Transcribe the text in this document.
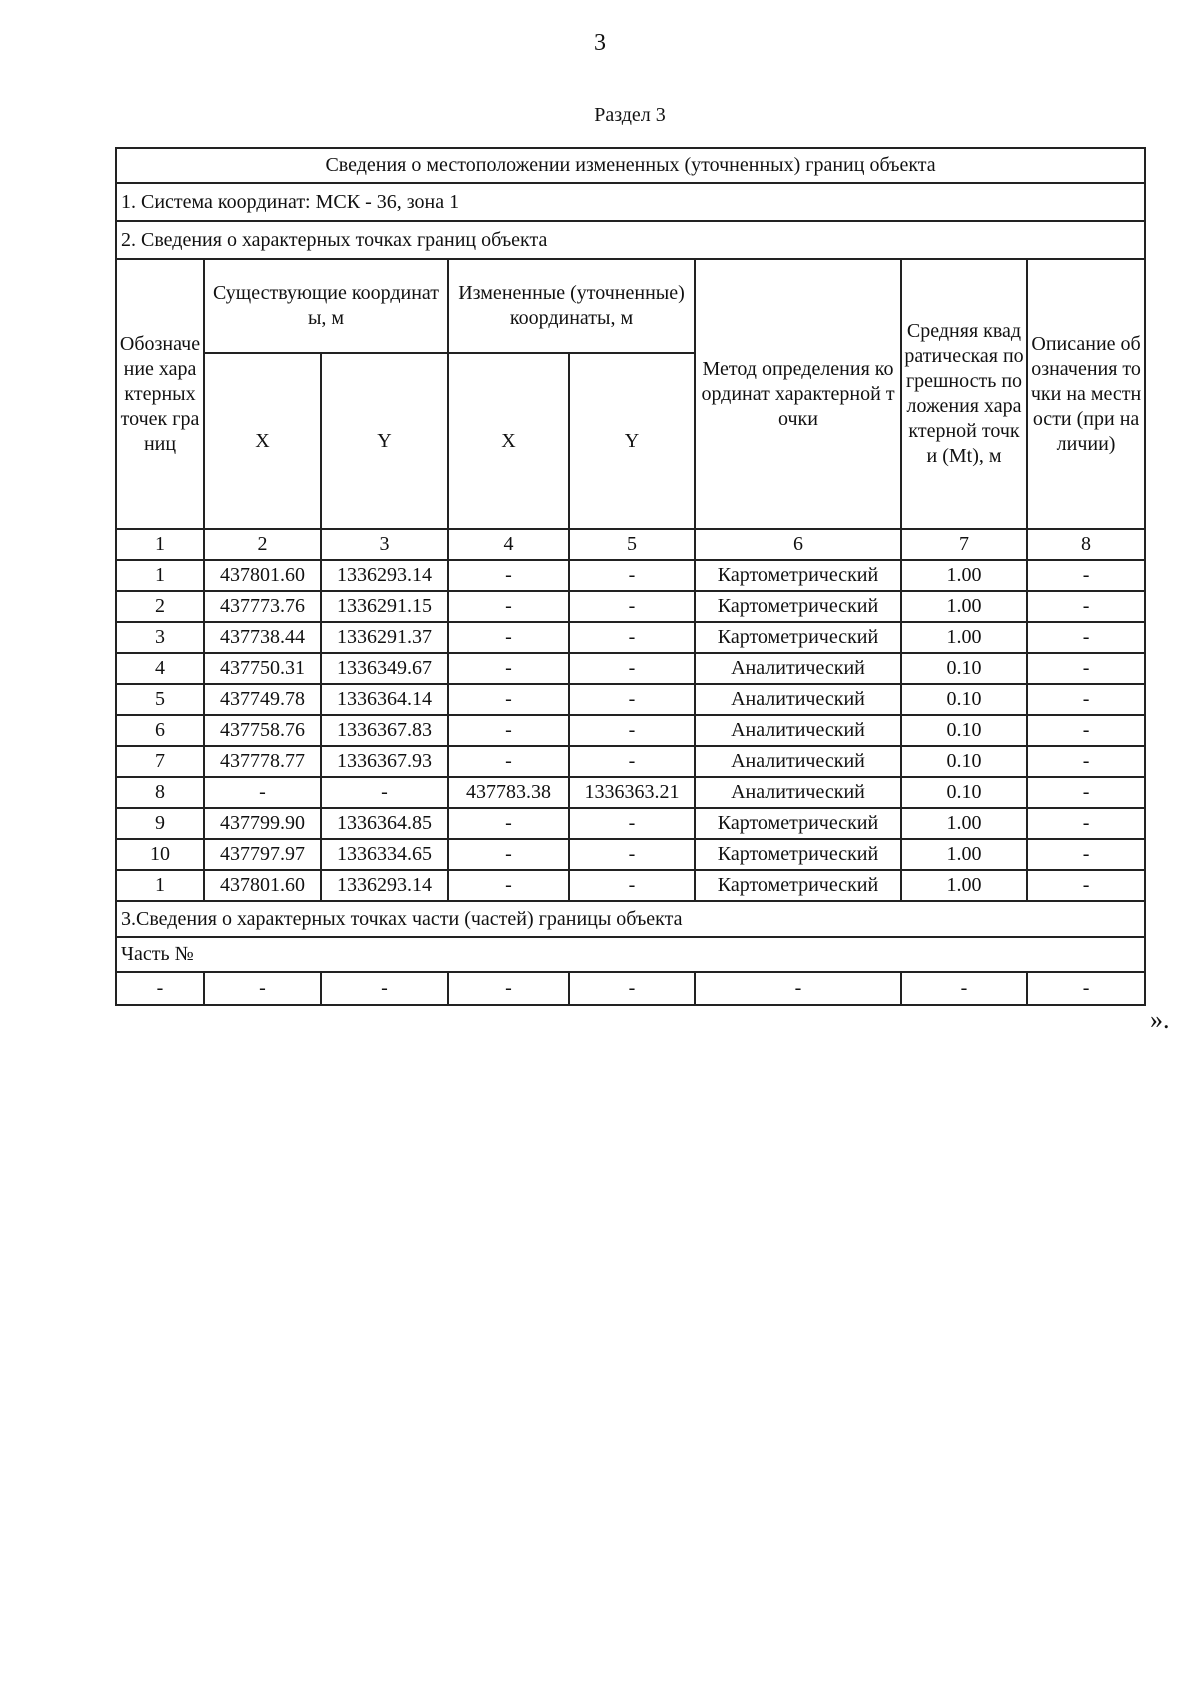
3
Раздел 3
Сведения о местоположении измененных (уточненных) границ объекта							
1. Система координат: МСК - 36, зона 1							
2. Сведения о характерных точках границ объекта							
Обозначение характерных точек границ	Существующие координаты, м		Измененные (уточненные) координаты, м		Метод определения координат характерной точки	Средняя квадратическая погрешность положения характерной точки (Mt), м	Описание обозначения точки на местности (при наличии)
	X	Y	X	Y			
1	2	3	4	5	6	7	8
1	437801.60	1336293.14	-	-	Картометрический	1.00	-
2	437773.76	1336291.15	-	-	Картометрический	1.00	-
3	437738.44	1336291.37	-	-	Картометрический	1.00	-
4	437750.31	1336349.67	-	-	Аналитический	0.10	-
5	437749.78	1336364.14	-	-	Аналитический	0.10	-
6	437758.76	1336367.83	-	-	Аналитический	0.10	-
7	437778.77	1336367.93	-	-	Аналитический	0.10	-
8	-	-	437783.38	1336363.21	Аналитический	0.10	-
9	437799.90	1336364.85	-	-	Картометрический	1.00	-
10	437797.97	1336334.65	-	-	Картометрический	1.00	-
1	437801.60	1336293.14	-	-	Картометрический	1.00	-
3.Сведения о характерных точках части (частей) границы объекта							
Часть №							
-	-	-	-	-	-	-	-
».
